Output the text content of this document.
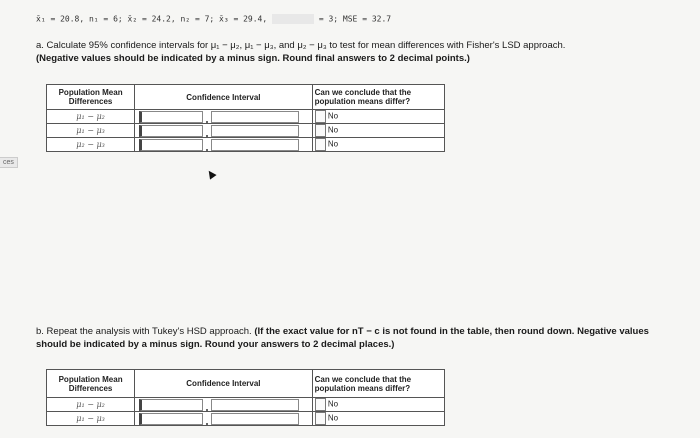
x̄₁ = 20.8, n₁ = 6; x̄₂ = 24.2, n₂ = 7; x̄₃ = 29.4,	= 3; MSE = 32.7
ces
a. Calculate 95% confidence intervals for μ₁ − μ₂, μ₁ − μ₃, and μ₂ − μ₃ to test for mean differences with Fisher's LSD approach.
(Negative values should be indicated by a minus sign. Round final answers to 2 decimal points.)
Population Mean Differences	Confidence Interval	Can we conclude that the population means differ?
μ₁ − μ₂		No
μ₁ − μ₃		No
μ₂ − μ₃		No
b. Repeat the analysis with Tukey's HSD approach. (If the exact value for nT − c is not found in the table, then round down. Negative values should be indicated by a minus sign. Round your answers to 2 decimal places.)
Population Mean Differences	Confidence Interval	Can we conclude that the population means differ?
μ₁ − μ₂		No
μ₁ − μ₃		No
